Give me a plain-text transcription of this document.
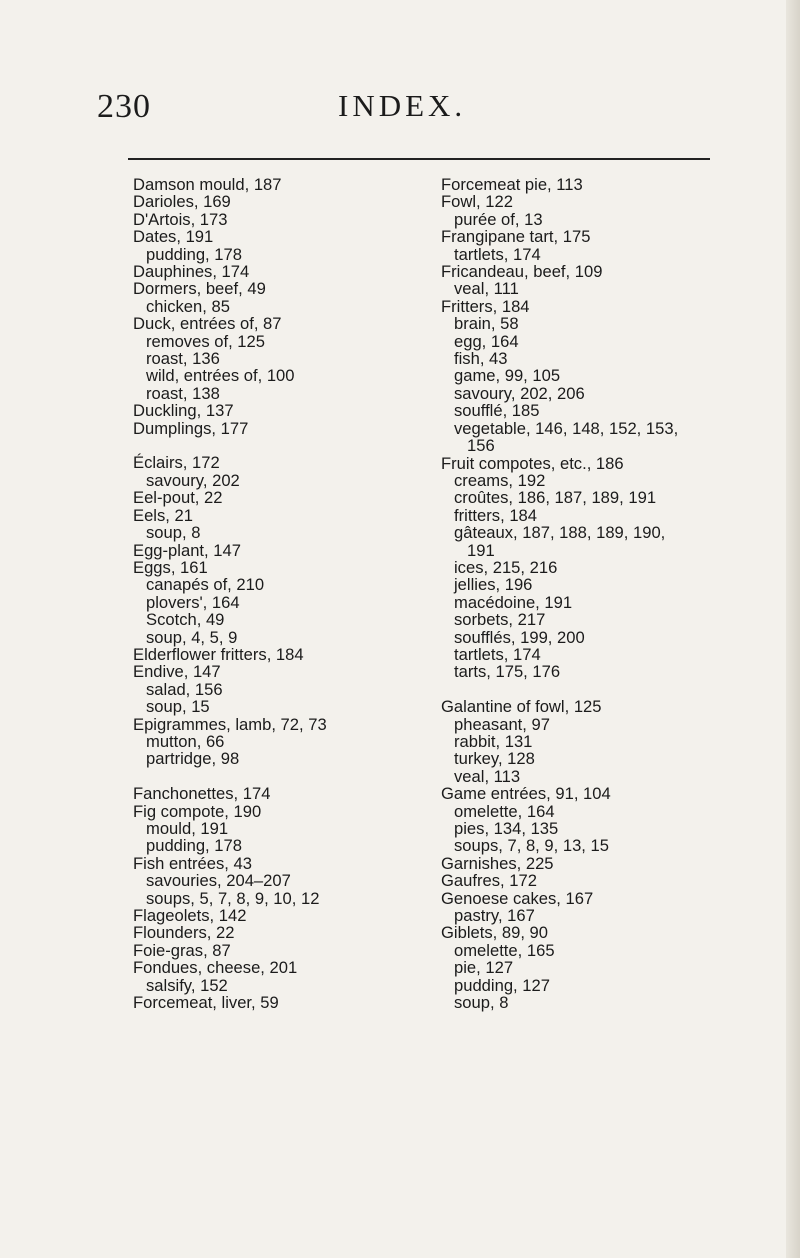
230	INDEX.
Damson mould, 187
Darioles, 169
D'Artois, 173
Dates, 191
pudding, 178
Dauphines, 174
Dormers, beef, 49
chicken, 85
Duck, entrées of, 87
removes of, 125
roast, 136
wild, entrées of, 100
roast, 138
Duckling, 137
Dumplings, 177
Éclairs, 172
savoury, 202
Eel-pout, 22
Eels, 21
soup, 8
Egg-plant, 147
Eggs, 161
canapés of, 210
plovers', 164
Scotch, 49
soup, 4, 5, 9
Elderflower fritters, 184
Endive, 147
salad, 156
soup, 15
Epigrammes, lamb, 72, 73
mutton, 66
partridge, 98
Fanchonettes, 174
Fig compote, 190
mould, 191
pudding, 178
Fish entrées, 43
savouries, 204–207
soups, 5, 7, 8, 9, 10, 12
Flageolets, 142
Flounders, 22
Foie-gras, 87
Fondues, cheese, 201
salsify, 152
Forcemeat, liver, 59
Forcemeat pie, 113
Fowl, 122
purée of, 13
Frangipane tart, 175
tartlets, 174
Fricandeau, beef, 109
veal, 111
Fritters, 184
brain, 58
egg, 164
fish, 43
game, 99, 105
savoury, 202, 206
soufflé, 185
vegetable, 146, 148, 152, 153,
156
Fruit compotes, etc., 186
creams, 192
croûtes, 186, 187, 189, 191
fritters, 184
gâteaux, 187, 188, 189, 190,
191
ices, 215, 216
jellies, 196
macédoine, 191
sorbets, 217
soufflés, 199, 200
tartlets, 174
tarts, 175, 176
Galantine of fowl, 125
pheasant, 97
rabbit, 131
turkey, 128
veal, 113
Game entrées, 91, 104
omelette, 164
pies, 134, 135
soups, 7, 8, 9, 13, 15
Garnishes, 225
Gaufres, 172
Genoese cakes, 167
pastry, 167
Giblets, 89, 90
omelette, 165
pie, 127
pudding, 127
soup, 8
